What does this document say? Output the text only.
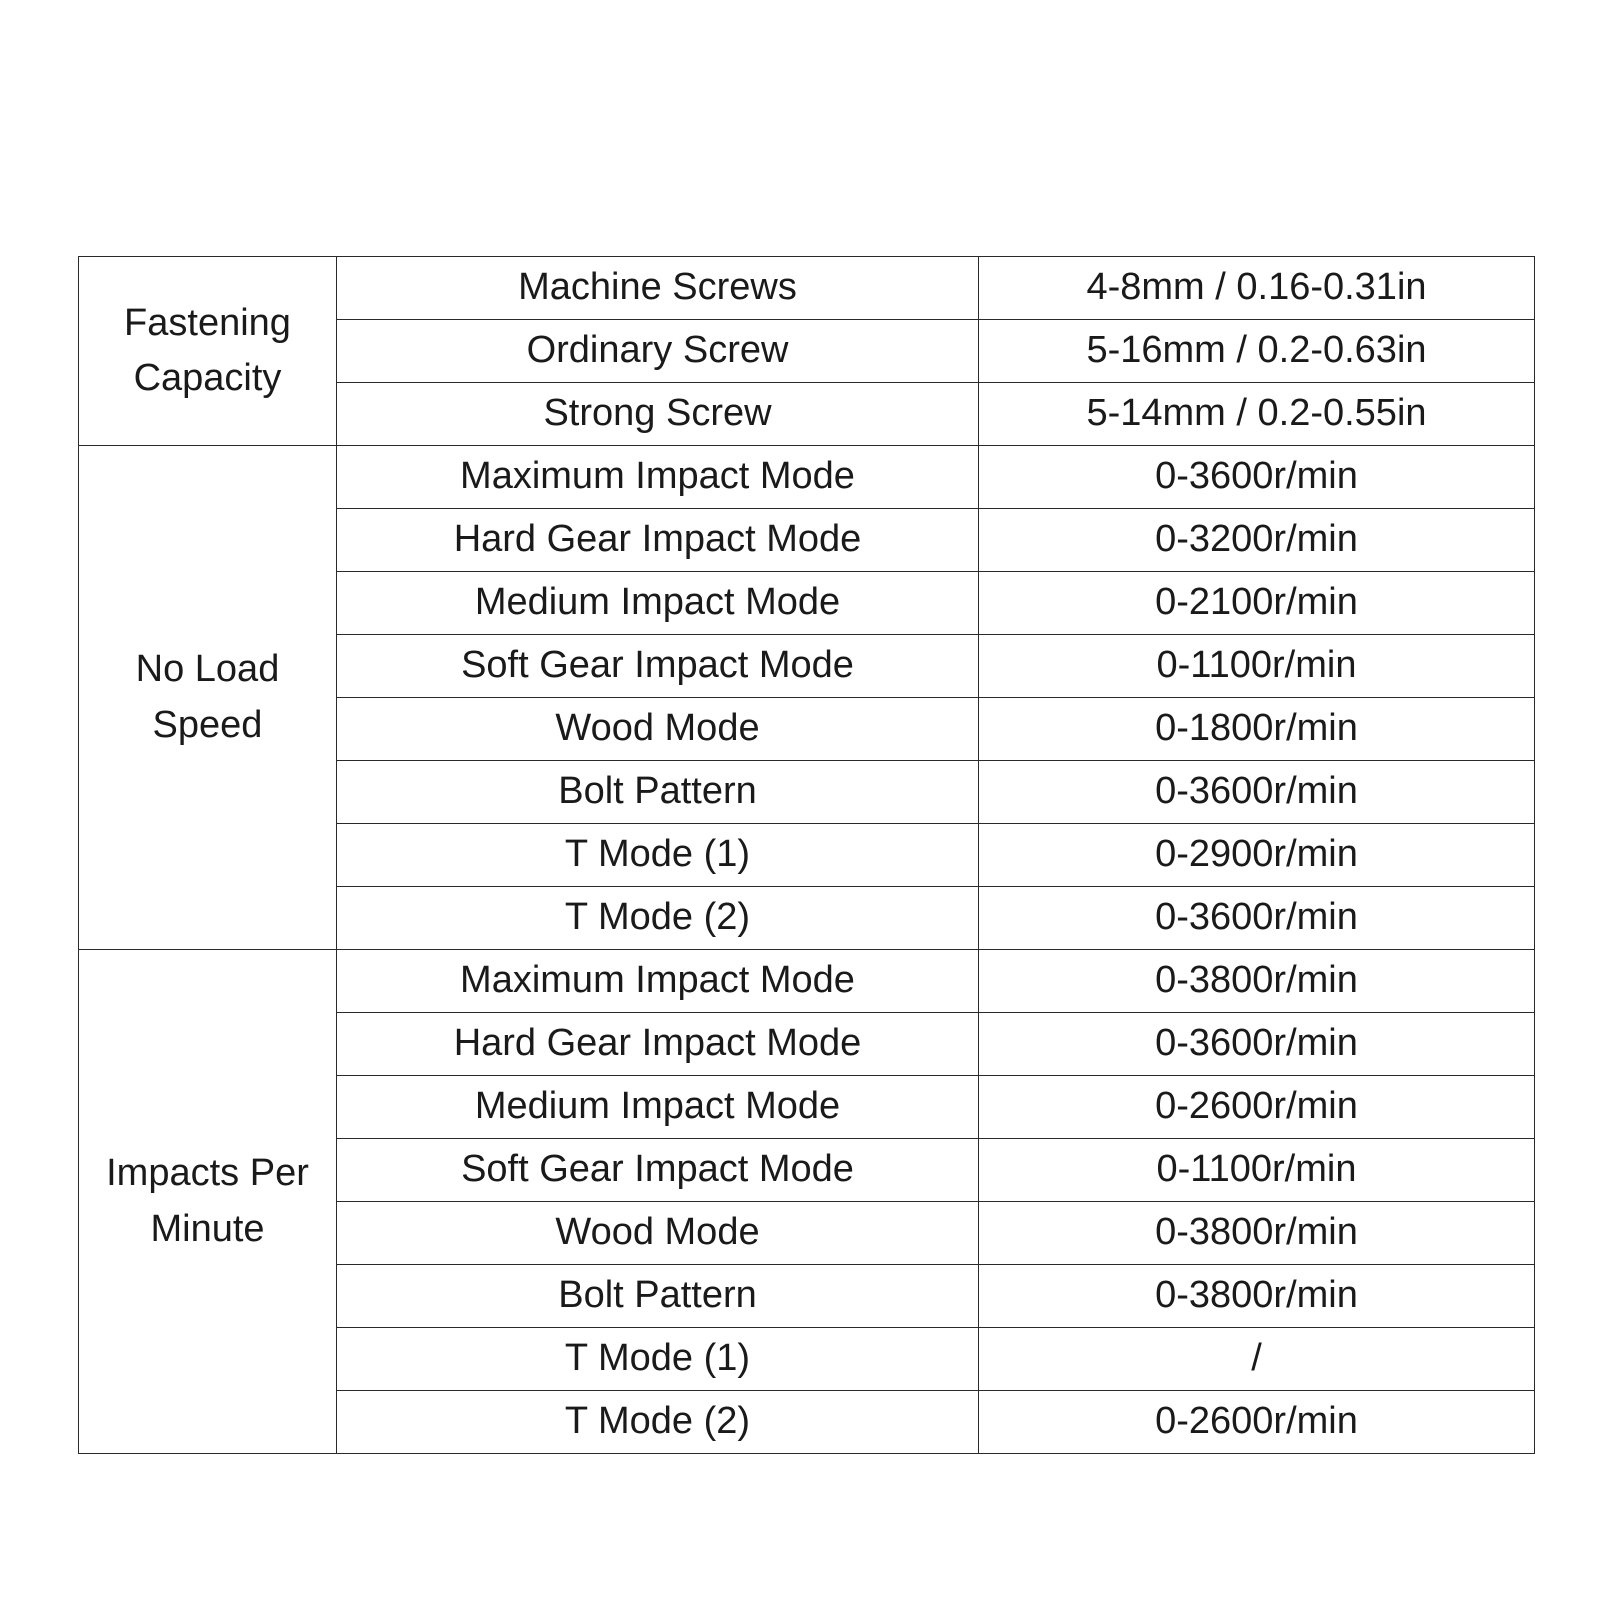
Fastening
Capacity	Machine Screws	4-8mm / 0.16-0.31in
	Ordinary Screw	5-16mm / 0.2-0.63in
	Strong Screw	5-14mm / 0.2-0.55in
No Load
Speed	Maximum Impact Mode	0-3600r/min
	Hard Gear Impact Mode	0-3200r/min
	Medium Impact Mode	0-2100r/min
	Soft Gear Impact Mode	0-1100r/min
	Wood Mode	0-1800r/min
	Bolt Pattern	0-3600r/min
	T Mode (1)	0-2900r/min
	T Mode (2)	0-3600r/min
Impacts Per
Minute	Maximum Impact Mode	0-3800r/min
	Hard Gear Impact Mode	0-3600r/min
	Medium Impact Mode	0-2600r/min
	Soft Gear Impact Mode	0-1100r/min
	Wood Mode	0-3800r/min
	Bolt Pattern	0-3800r/min
	T Mode (1)	/
	T Mode (2)	0-2600r/min
